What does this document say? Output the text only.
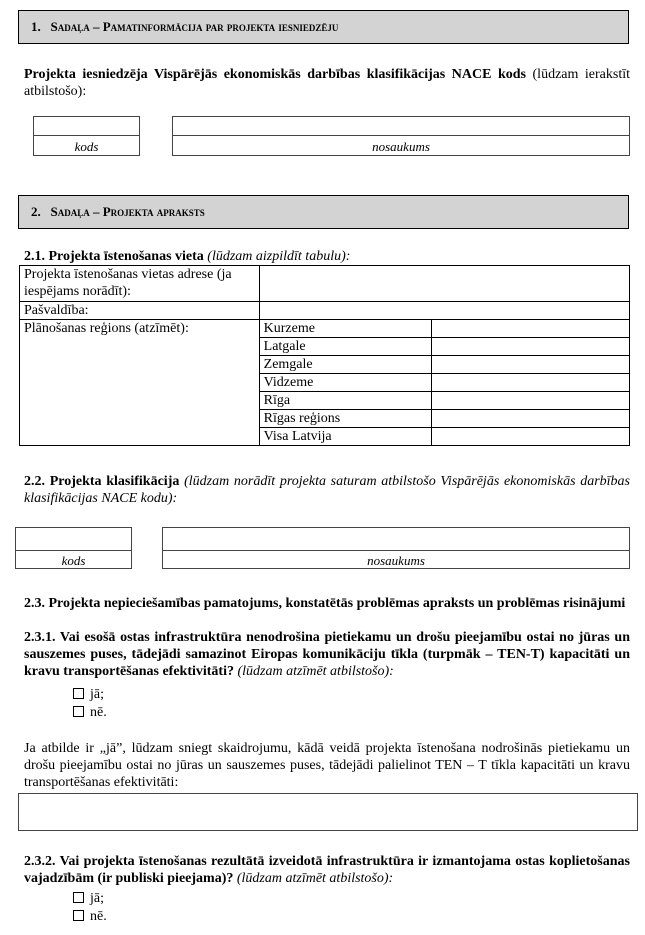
1. Sadaļa – Pamatinformācija par projekta iesniedzēju
Projekta iesniedzēja Vispārējās ekonomiskās darbības klasifikācijas NACE kods (lūdzam ierakstīt atbilstošo):
kods	nosaukums
2. Sadaļa – Projekta apraksts
2.1. Projekta īstenošanas vieta (lūdzam aizpildīt tabulu):
Projekta īstenošanas vietas adrese (ja iespējams norādīt):		
Pašvaldība:		
Plānošanas reģions (atzīmēt):	Kurzeme	
	Latgale	
	Zemgale	
	Vidzeme	
	Rīga	
	Rīgas reģions	
	Visa Latvija	
2.2. Projekta klasifikācija (lūdzam norādīt projekta saturam atbilstošo Vispārējās ekonomiskās darbības klasifikācijas NACE kodu):
kods	nosaukums
2.3. Projekta nepieciešamības pamatojums, konstatētās problēmas apraksts un problēmas risinājumi
2.3.1. Vai esošā ostas infrastruktūra nenodrošina pietiekamu un drošu pieejamību ostai no jūras un sauszemes puses, tādejādi samazinot Eiropas komunikāciju tīkla (turpmāk – TEN-T) kapacitāti un kravu transportēšanas efektivitāti? (lūdzam atzīmēt atbilstošo):
jā;
nē.
Ja atbilde ir „jā”, lūdzam sniegt skaidrojumu, kādā veidā projekta īstenošana nodrošinās pietiekamu un drošu pieejamību ostai no jūras un sauszemes puses, tādejādi palielinot TEN – T tīkla kapacitāti un kravu transportēšanas efektivitāti:
2.3.2. Vai projekta īstenošanas rezultātā izveidotā infrastruktūra ir izmantojama ostas koplietošanas vajadzībām (ir publiski pieejama)? (lūdzam atzīmēt atbilstošo):
jā;
nē.
